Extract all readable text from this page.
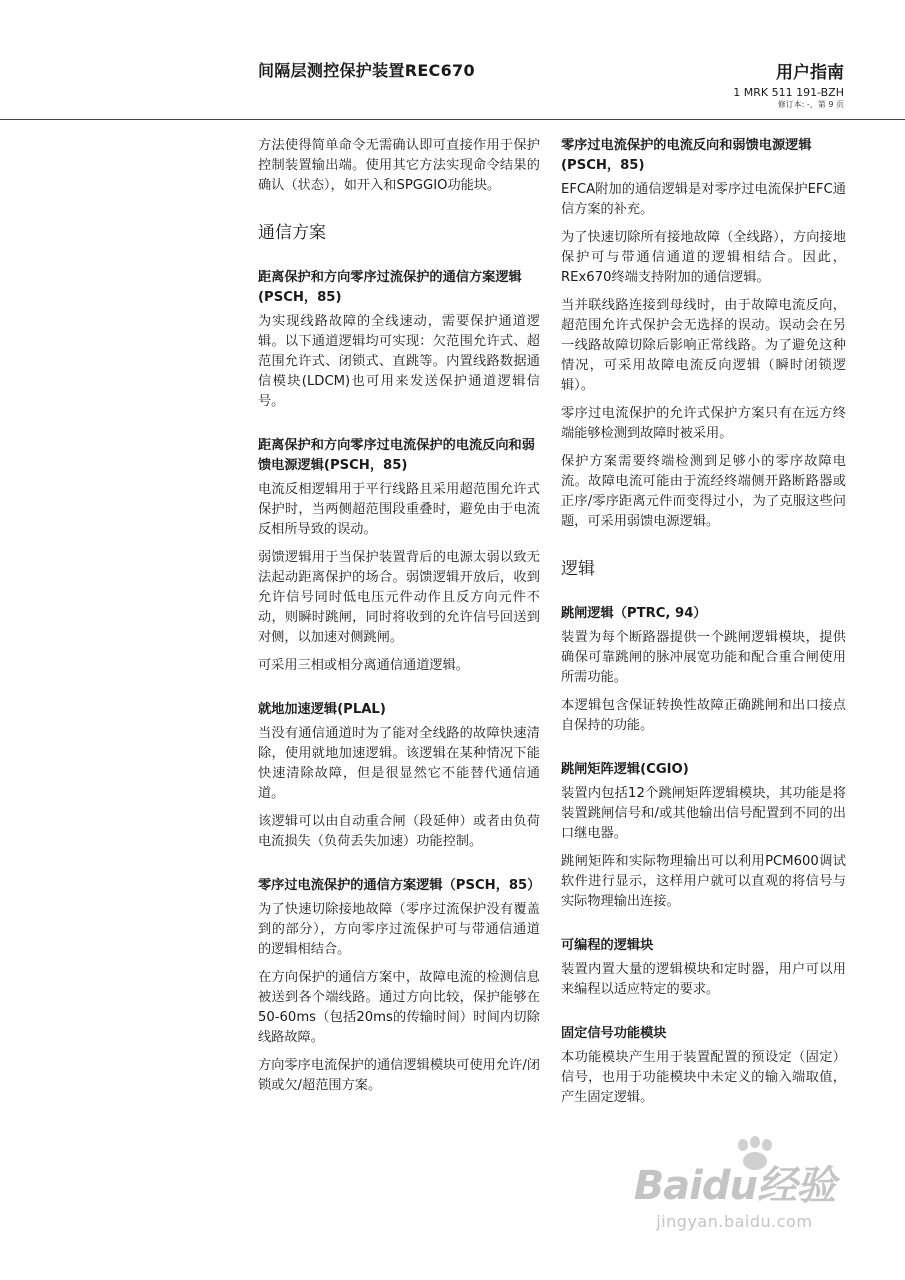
间隔层测控保护装置REC670	用户指南
1 MRK 511 191-BZH
修订本: -，第 9 页

方法使得简单命令无需确认即可直接作用于保护控制装置输出端。使用其它方法实现命令结果的确认（状态），如开入和SPGGIO功能块。

通信方案
距离保护和方向零序过流保护的通信方案逻辑(PSCH，85)

为实现线路故障的全线速动，需要保护通道逻辑。以下通道逻辑均可实现：欠范围允许式、超范围允许式、闭锁式、直跳等。内置线路数据通信模块(LDCM)也可用来发送保护通道逻辑信号。

距离保护和方向零序过电流保护的电流反向和弱馈电源逻辑(PSCH，85)

电流反相逻辑用于平行线路且采用超范围允许式保护时，当两侧超范围段重叠时，避免由于电流反相所导致的误动。

弱馈逻辑用于当保护装置背后的电源太弱以致无法起动距离保护的场合。弱馈逻辑开放后，收到允许信号同时低电压元件动作且反方向元件不动，则瞬时跳闸，同时将收到的允许信号回送到对侧，以加速对侧跳闸。

可采用三相或相分离通信通道逻辑。

就地加速逻辑(PLAL)

当没有通信通道时为了能对全线路的故障快速清除，使用就地加速逻辑。该逻辑在某种情况下能快速清除故障，但是很显然它不能替代通信通道。

该逻辑可以由自动重合闸（段延伸）或者由负荷电流损失（负荷丢失加速）功能控制。

零序过电流保护的通信方案逻辑（PSCH，85）

为了快速切除接地故障（零序过流保护没有覆盖到的部分），方向零序过流保护可与带通信通道的逻辑相结合。

在方向保护的通信方案中，故障电流的检测信息被送到各个端线路。通过方向比较，保护能够在50-60ms（包括20ms的传输时间）时间内切除线路故障。

方向零序电流保护的通信逻辑模块可使用允许/闭锁或欠/超范围方案。

零序过电流保护的电流反向和弱馈电源逻辑(PSCH，85)

EFCA附加的通信逻辑是对零序过电流保护EFC通信方案的补充。

为了快速切除所有接地故障（全线路），方向接地保护可与带通信通道的逻辑相结合。因此，REx670终端支持附加的通信逻辑。

当并联线路连接到母线时，由于故障电流反向，超范围允许式保护会无选择的误动。误动会在另一线路故障切除后影响正常线路。为了避免这种情况，可采用故障电流反向逻辑（瞬时闭锁逻辑）。

零序过电流保护的允许式保护方案只有在远方终端能够检测到故障时被采用。

保护方案需要终端检测到足够小的零序故障电流。故障电流可能由于流经终端侧开路断路器或正序/零序距离元件而变得过小，为了克服这些问题，可采用弱馈电源逻辑。

逻辑
跳闸逻辑（PTRC, 94）

装置为每个断路器提供一个跳闸逻辑模块，提供确保可靠跳闸的脉冲展宽功能和配合重合闸使用所需功能。

本逻辑包含保证转换性故障正确跳闸和出口接点自保持的功能。

跳闸矩阵逻辑(CGIO)

装置内包括12个跳闸矩阵逻辑模块，其功能是将装置跳闸信号和/或其他输出信号配置到不同的出口继电器。

跳闸矩阵和实际物理输出可以利用PCM600调试软件进行显示，这样用户就可以直观的将信号与实际物理输出连接。

可编程的逻辑块

装置内置大量的逻辑模块和定时器，用户可以用来编程以适应特定的要求。

固定信号功能模块

本功能模块产生用于装置配置的预设定（固定）信号，也用于功能模块中未定义的输入端取值，产生固定逻辑。

Baidu经验
jingyan.baidu.com
